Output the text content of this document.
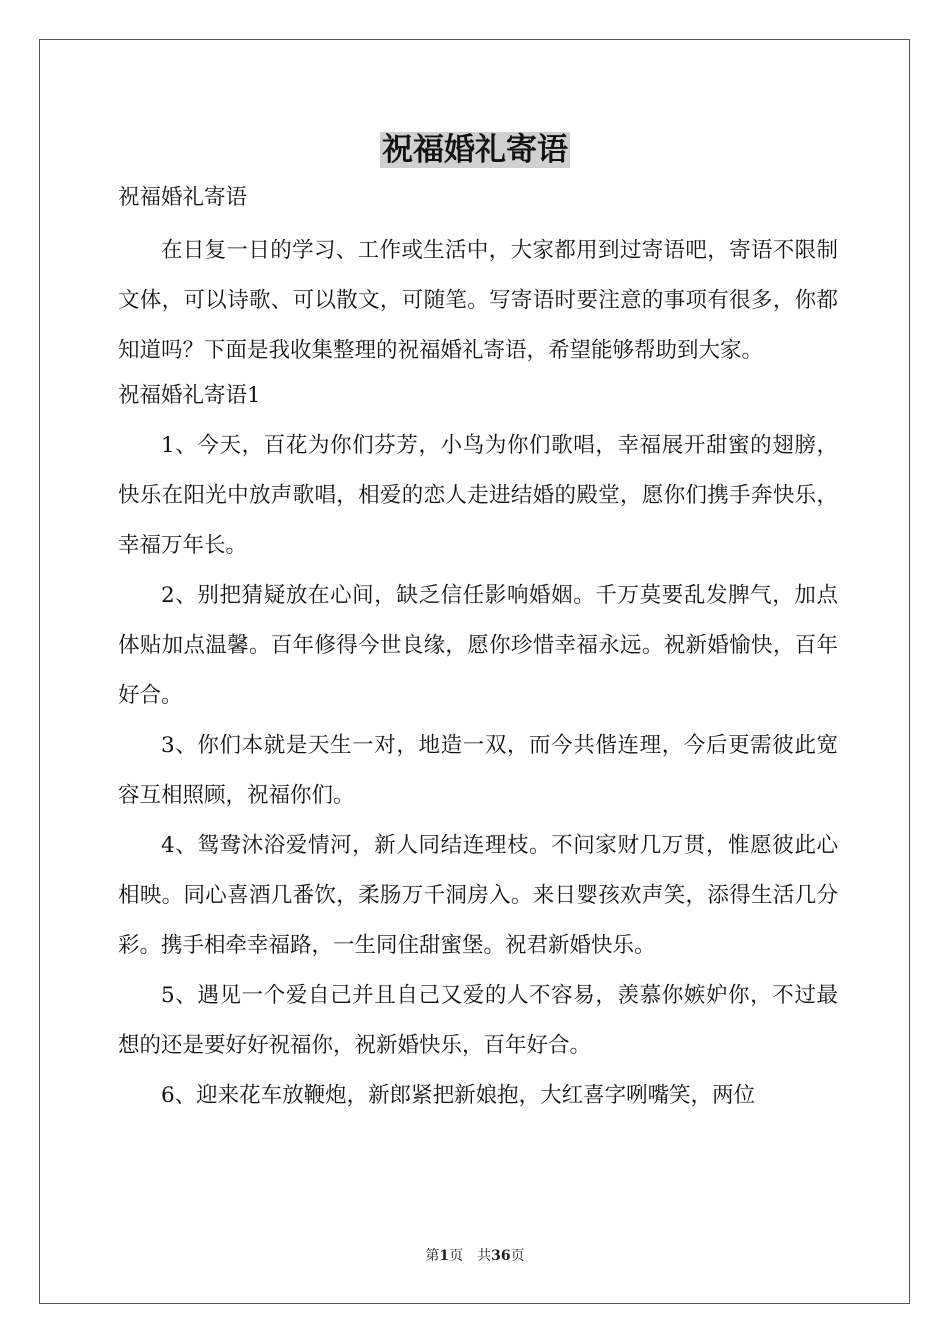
祝福婚礼寄语

祝福婚礼寄语

在日复一日的学习、工作或生活中，大家都用到过寄语吧，寄语不限制文体，可以诗歌、可以散文，可随笔。写寄语时要注意的事项有很多，你都知道吗？下面是我收集整理的祝福婚礼寄语，希望能够帮助到大家。

祝福婚礼寄语1

1、今天，百花为你们芬芳，小鸟为你们歌唱，幸福展开甜蜜的翅膀，快乐在阳光中放声歌唱，相爱的恋人走进结婚的殿堂，愿你们携手奔快乐，幸福万年长。

2、别把猜疑放在心间，缺乏信任影响婚姻。千万莫要乱发脾气，加点体贴加点温馨。百年修得今世良缘，愿你珍惜幸福永远。祝新婚愉快，百年好合。

3、你们本就是天生一对，地造一双，而今共偕连理，今后更需彼此宽容互相照顾，祝福你们。

4、鸳鸯沐浴爱情河，新人同结连理枝。不问家财几万贯，惟愿彼此心相映。同心喜酒几番饮，柔肠万千洞房入。来日婴孩欢声笑，添得生活几分彩。携手相牵幸福路，一生同住甜蜜堡。祝君新婚快乐。

5、遇见一个爱自己并且自己又爱的人不容易，羡慕你嫉妒你，不过最想的还是要好好祝福你，祝新婚快乐，百年好合。

6、迎来花车放鞭炮，新郎紧把新娘抱，大红喜字咧嘴笑，两位

第1页 共36页
